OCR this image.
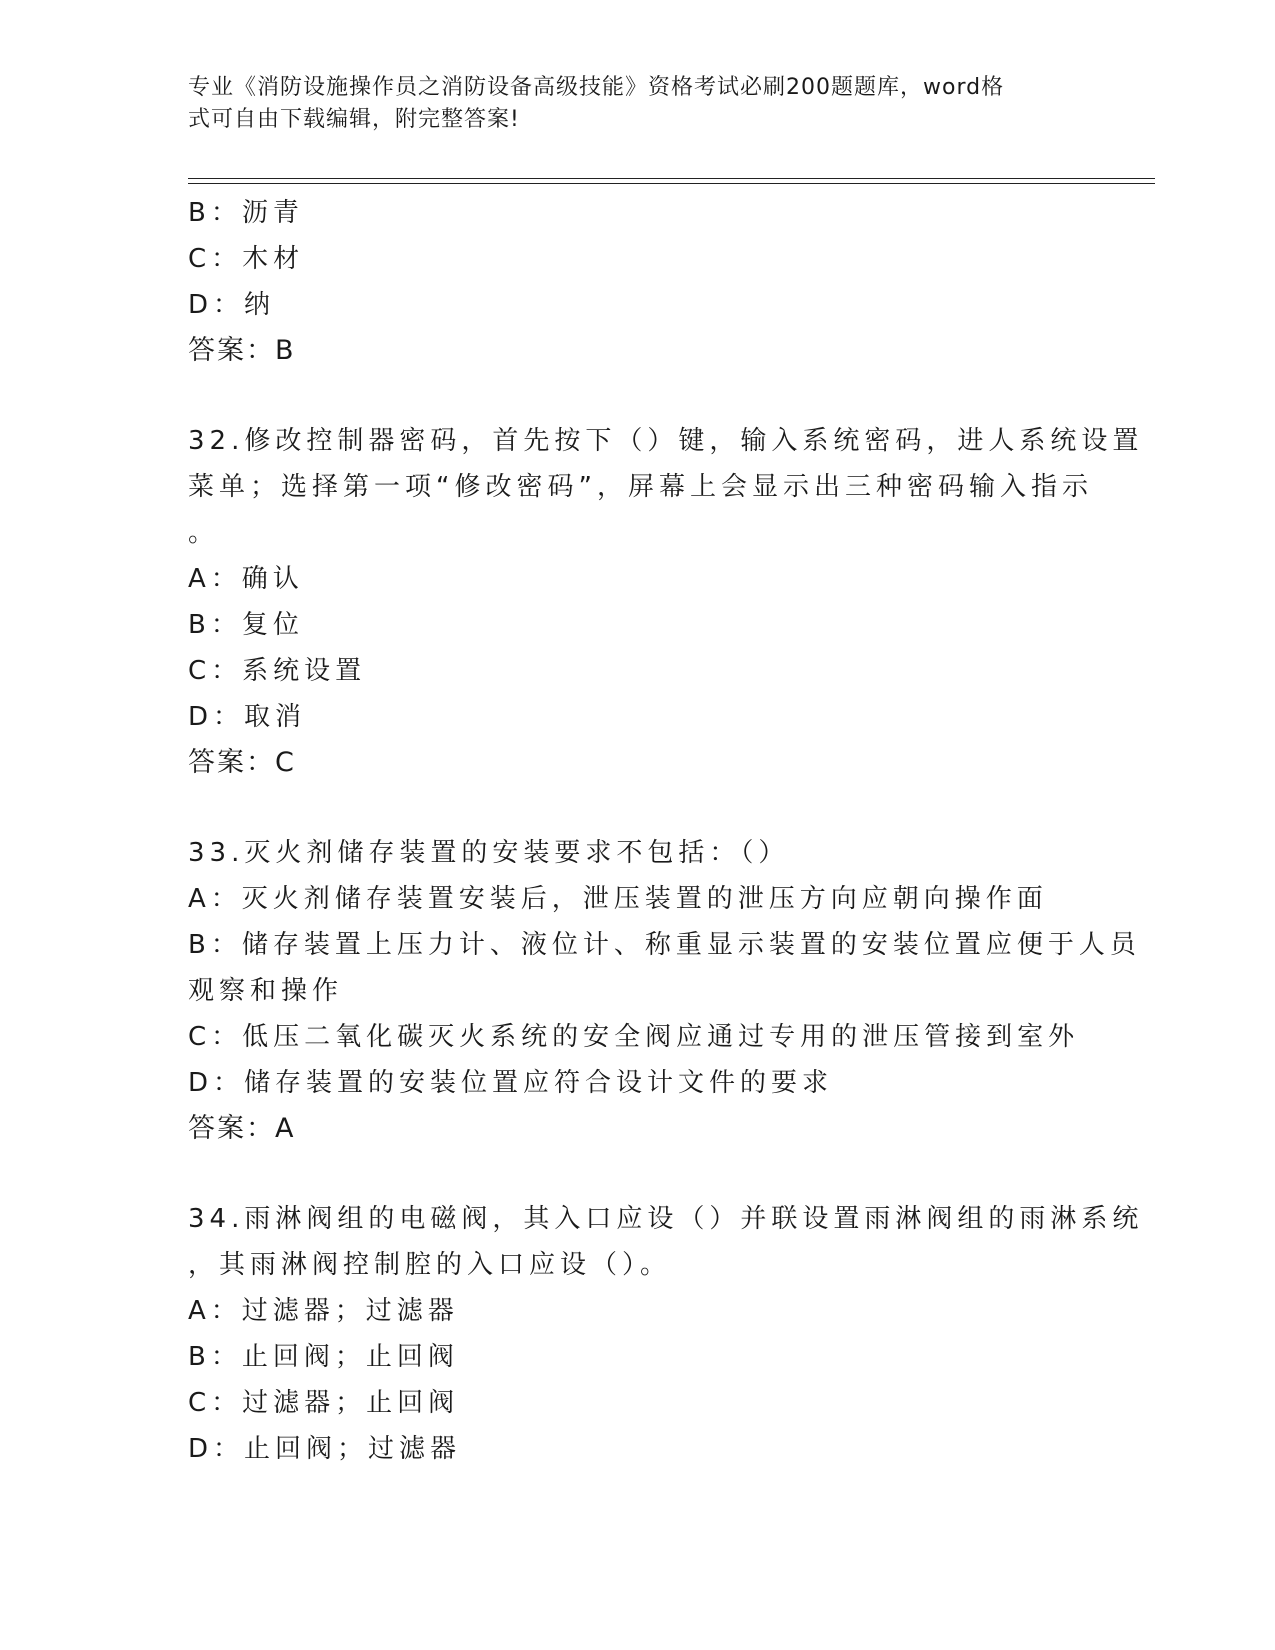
专业《消防设施操作员之消防设备高级技能》资格考试必刷200题题库，word格
式可自由下载编辑，附完整答案!
B：沥青
C：木材
D：纳
答案：B
32.修改控制器密码，首先按下（）键，输入系统密码，进人系统设置
菜单；选择第一项“修改密码”，屏幕上会显示出三种密码输入指示
。
A：确认
B：复位
C：系统设置
D：取消
答案：C
33.灭火剂储存装置的安装要求不包括：（）
A：灭火剂储存装置安装后，泄压装置的泄压方向应朝向操作面
B：储存装置上压力计、液位计、称重显示装置的安装位置应便于人员
观察和操作
C：低压二氧化碳灭火系统的安全阀应通过专用的泄压管接到室外
D：储存装置的安装位置应符合设计文件的要求
答案：A
34.雨淋阀组的电磁阀，其入口应设（）并联设置雨淋阀组的雨淋系统
，其雨淋阀控制腔的入口应设（）。
A：过滤器；过滤器
B：止回阀；止回阀
C：过滤器；止回阀
D：止回阀；过滤器
